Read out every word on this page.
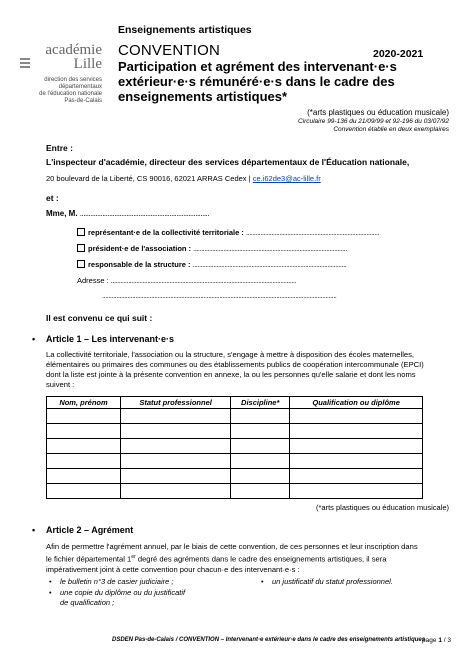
académie
Lille
direction des services
départementaux
de l'éducation nationale
Pas-de-Calais
Enseignements artistiques
CONVENTION	2020-2021
Participation et agrément des intervenant·e·s extérieur·e·s rémunéré·e·s dans le cadre des enseignements artistiques*
(*arts plastiques ou éducation musicale)
Circulaire 99-136 du 21/09/99 et 92-196 du 03/07/92
Convention établie en deux exemplaires
Entre :
L'inspecteur d'académie, directeur des services départementaux de l'Éducation nationale,
20 boulevard de la Liberté, CS 90016, 62021 ARRAS Cedex | ce.i62de3@ac-lille.fr
et :
Mme, M. ...........................................................................
représentant·e de la collectivité territoriale : ....................................................................................
président·e de l'association : .................................................................................................
responsable de la structure : .................................................................................................
Adresse : .....................................................................................................................
....................................................................................................................................................
Il est convenu ce qui suit :
• Article 1 – Les intervenant·e·s
La collectivité territoriale, l'association ou la structure, s'engage à mettre à disposition des écoles maternelles,
élémentaires ou primaires des communes ou des établissements publics de coopération intercommunale (EPCI)
dont la liste est jointe à la présente convention en annexe, la ou les personnes qu'elle salarie et dont les noms
suivent :
Nom, prénom	Statut professionnel	Discipline*	Qualification ou diplôme

(*arts plastiques ou éducation musicale)
• Article 2 – Agrément
Afin de permettre l'agrément annuel, par le biais de cette convention, de ces personnes et leur inscription dans
le fichier départemental 1er degré des agréments dans le cadre des enseignements artistiques, il sera
impérativement joint à cette convention pour chacun·e des intervenant·e·s :
• le bulletin n°3 de casier judiciaire ;
• une copie du diplôme ou du justificatif
de qualification ;
• un justificatif du statut professionnel.
DSDEN Pas-de-Calais / CONVENTION – Intervenant·e extérieur·e dans le cadre des enseignements artistiques
page 1 / 3
